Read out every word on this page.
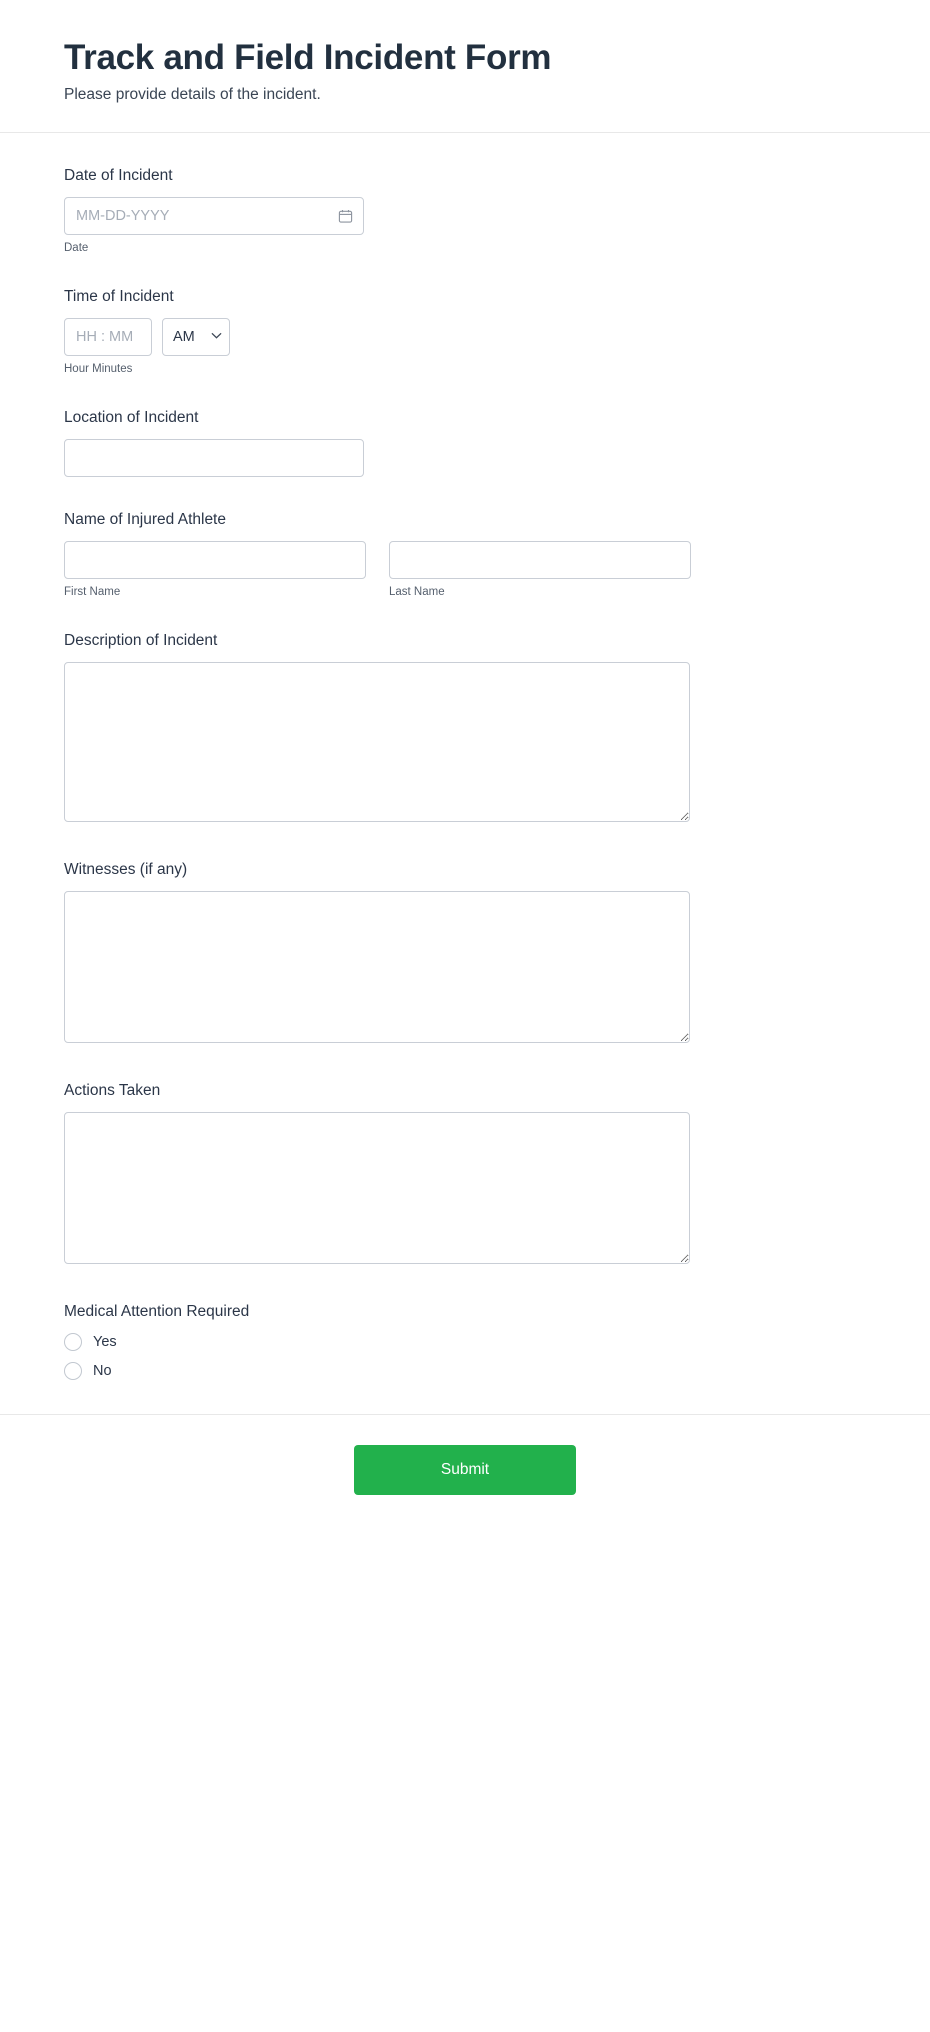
Track and Field Incident Form

Please provide details of the incident.

Date of Incident
MM-DD-YYYY
Date
Time of Incident
HH : MM
AM
Hour Minutes
Location of Incident
Name of Injured Athlete
First Name	Last Name
Description of Incident
Witnesses (if any)
Actions Taken
Medical Attention Required
Yes
No
Submit
